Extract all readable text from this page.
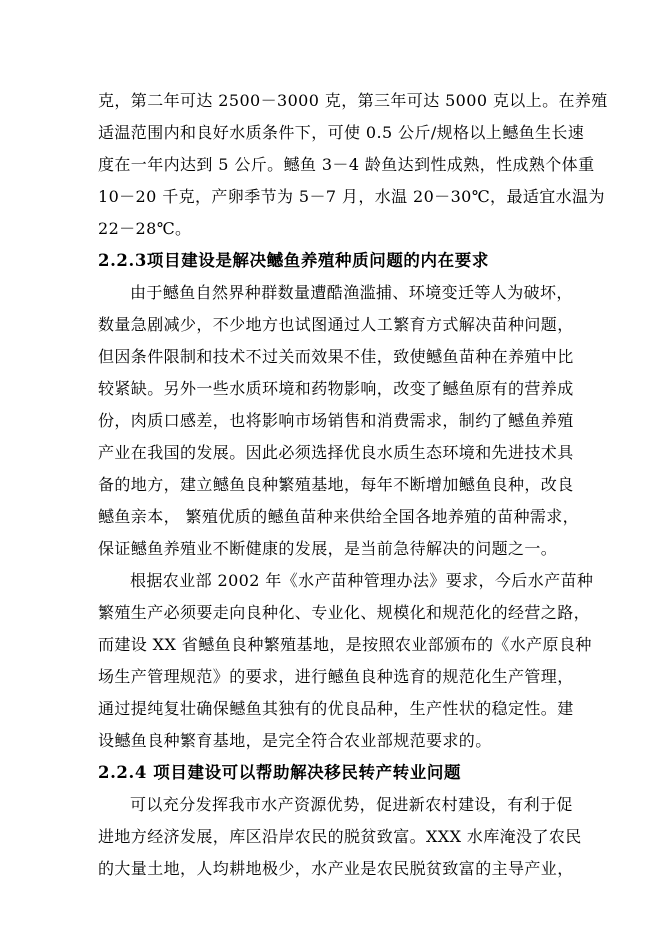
克，第二年可达 2500－3000 克，第三年可达 5000 克以上。在养殖
适温范围内和良好水质条件下，可使 0.5 公斤/规格以上鳡鱼生长速
度在一年内达到 5 公斤。鳡鱼 3－4 龄鱼达到性成熟，性成熟个体重
10－20 千克，产卵季节为 5－7 月，水温 20－30℃，最适宜水温为
22－28℃。
2.2.3项目建设是解决鳡鱼养殖种质问题的内在要求
由于鳡鱼自然界种群数量遭酷渔滥捕、环境变迁等人为破坏，
数量急剧减少，不少地方也试图通过人工繁育方式解决苗种问题，
但因条件限制和技术不过关而效果不佳，致使鳡鱼苗种在养殖中比
较紧缺。另外一些水质环境和药物影响，改变了鳡鱼原有的营养成
份，肉质口感差，也将影响市场销售和消费需求，制约了鳡鱼养殖
产业在我国的发展。因此必须选择优良水质生态环境和先进技术具
备的地方，建立鳡鱼良种繁殖基地，每年不断增加鳡鱼良种，改良
鳡鱼亲本， 繁殖优质的鳡鱼苗种来供给全国各地养殖的苗种需求，
保证鳡鱼养殖业不断健康的发展，是当前急待解决的问题之一。
根据农业部 2002 年《水产苗种管理办法》要求，今后水产苗种
繁殖生产必须要走向良种化、专业化、规模化和规范化的经营之路，
而建设 XX 省鳡鱼良种繁殖基地，是按照农业部颁布的《水产原良种
场生产管理规范》的要求，进行鳡鱼良种选育的规范化生产管理，
通过提纯复壮确保鳡鱼其独有的优良品种，生产性状的稳定性。建
设鳡鱼良种繁育基地，是完全符合农业部规范要求的。
2.2.4 项目建设可以帮助解决移民转产转业问题
可以充分发挥我市水产资源优势，促进新农村建设，有利于促
进地方经济发展，库区沿岸农民的脱贫致富。XXX 水库淹没了农民
的大量土地，人均耕地极少，水产业是农民脱贫致富的主导产业，
